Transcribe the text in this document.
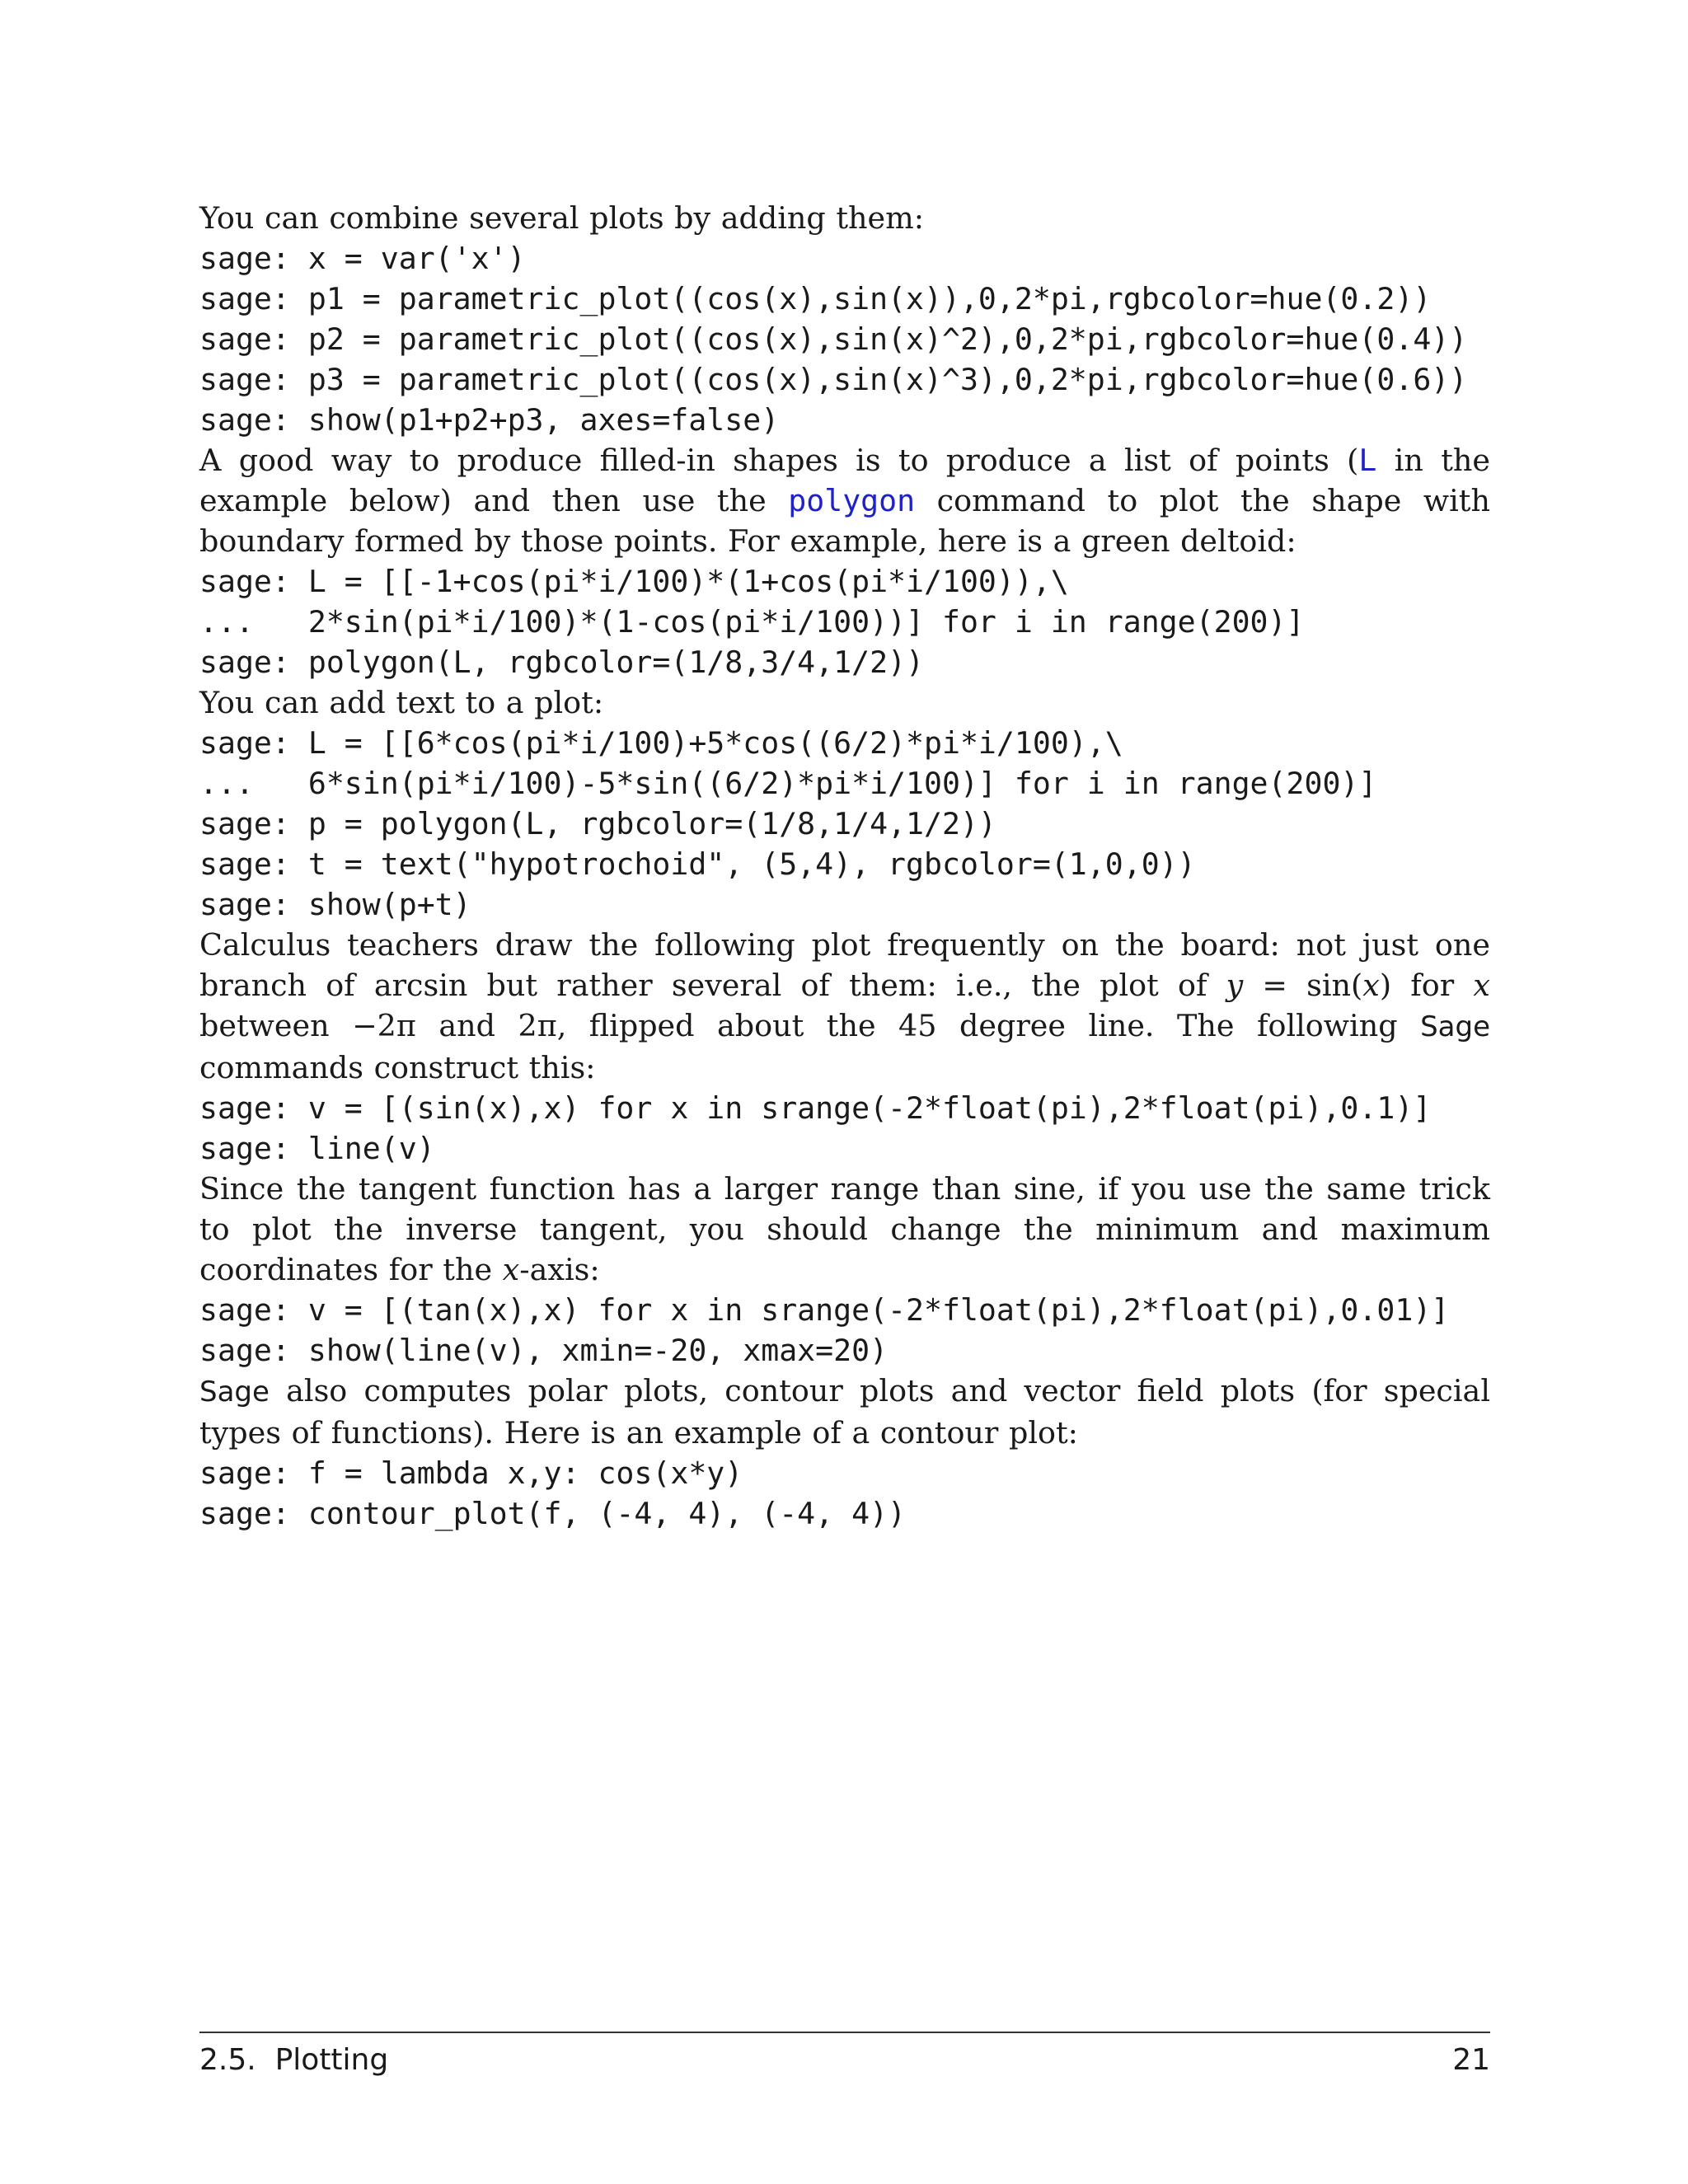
You can combine several plots by adding them:

sage: x = var('x')
sage: p1 = parametric_plot((cos(x),sin(x)),0,2*pi,rgbcolor=hue(0.2))
sage: p2 = parametric_plot((cos(x),sin(x)^2),0,2*pi,rgbcolor=hue(0.4))
sage: p3 = parametric_plot((cos(x),sin(x)^3),0,2*pi,rgbcolor=hue(0.6))
sage: show(p1+p2+p3, axes=false)

A good way to produce filled-in shapes is to produce a list of points (L in the example below) and then use the polygon command to plot the shape with boundary formed by those points. For example, here is a green deltoid:

sage: L = [[-1+cos(pi*i/100)*(1+cos(pi*i/100)),\
...   2*sin(pi*i/100)*(1-cos(pi*i/100))] for i in range(200)]
sage: polygon(L, rgbcolor=(1/8,3/4,1/2))

You can add text to a plot:

sage: L = [[6*cos(pi*i/100)+5*cos((6/2)*pi*i/100),\
...   6*sin(pi*i/100)-5*sin((6/2)*pi*i/100)] for i in range(200)]
sage: p = polygon(L, rgbcolor=(1/8,1/4,1/2))
sage: t = text("hypotrochoid", (5,4), rgbcolor=(1,0,0))
sage: show(p+t)

Calculus teachers draw the following plot frequently on the board: not just one branch of arcsin but rather several of them: i.e., the plot of y = sin(x) for x between −2π and 2π, flipped about the 45 degree line. The following Sage commands construct this:

sage: v = [(sin(x),x) for x in srange(-2*float(pi),2*float(pi),0.1)]
sage: line(v)

Since the tangent function has a larger range than sine, if you use the same trick to plot the inverse tangent, you should change the minimum and maximum coordinates for the x-axis:

sage: v = [(tan(x),x) for x in srange(-2*float(pi),2*float(pi),0.01)]
sage: show(line(v), xmin=-20, xmax=20)

Sage also computes polar plots, contour plots and vector field plots (for special types of functions). Here is an example of a contour plot:

sage: f = lambda x,y: cos(x*y)
sage: contour_plot(f, (-4, 4), (-4, 4))
2.5.  Plotting	21
